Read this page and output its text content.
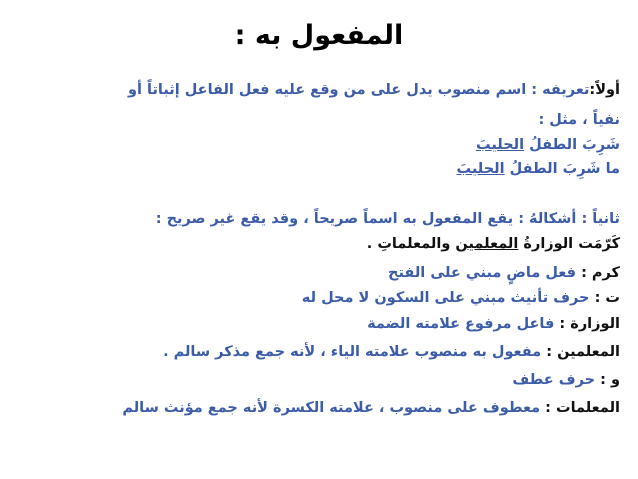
المفعول به :
أولاً:تعريفه : اسم منصوب يدل على من وقع عليه فعل الفاعل إثباتاً أو
نفياً ، مثل :
شَرِبَ الطفلُ الحليبَ
ما شَرِبَ الطفلُ الحليبَ
ثانياً : أشكالهُ : يقع المفعول به اسماً صريحاً ، وقد يقع غير صريح :
كَرّمَت الوزارةُ المعلمين والمعلماتِ .
كرم : فعل ماضٍ مبني على الفتح
ت : حرف تأنيث مبني على السكون لا محل له
الوزارة : فاعل مرفوع علامته الضمة
المعلمين : مفعول به منصوب علامته الياء ، لأنه جمع مذكر سالم .
و : حرف عطف
المعلمات : معطوف على منصوب ، علامته الكسرة لأنه جمع مؤنث سالم
